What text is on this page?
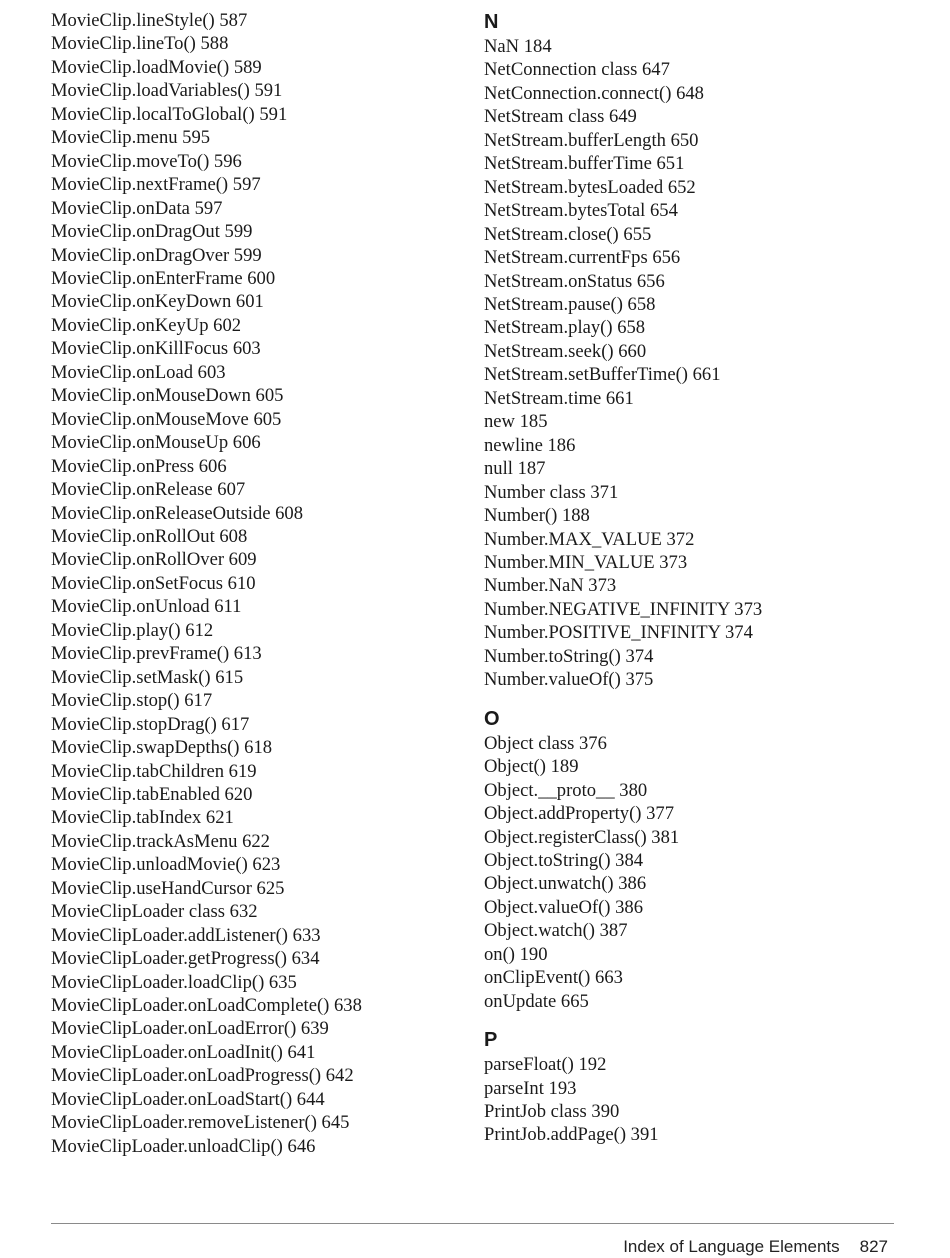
MovieClip.lineStyle() 587
MovieClip.lineTo() 588
MovieClip.loadMovie() 589
MovieClip.loadVariables() 591
MovieClip.localToGlobal() 591
MovieClip.menu 595
MovieClip.moveTo() 596
MovieClip.nextFrame() 597
MovieClip.onData 597
MovieClip.onDragOut 599
MovieClip.onDragOver 599
MovieClip.onEnterFrame 600
MovieClip.onKeyDown 601
MovieClip.onKeyUp 602
MovieClip.onKillFocus 603
MovieClip.onLoad 603
MovieClip.onMouseDown 605
MovieClip.onMouseMove 605
MovieClip.onMouseUp 606
MovieClip.onPress 606
MovieClip.onRelease 607
MovieClip.onReleaseOutside 608
MovieClip.onRollOut 608
MovieClip.onRollOver 609
MovieClip.onSetFocus 610
MovieClip.onUnload 611
MovieClip.play() 612
MovieClip.prevFrame() 613
MovieClip.setMask() 615
MovieClip.stop() 617
MovieClip.stopDrag() 617
MovieClip.swapDepths() 618
MovieClip.tabChildren 619
MovieClip.tabEnabled 620
MovieClip.tabIndex 621
MovieClip.trackAsMenu 622
MovieClip.unloadMovie() 623
MovieClip.useHandCursor 625
MovieClipLoader class 632
MovieClipLoader.addListener() 633
MovieClipLoader.getProgress() 634
MovieClipLoader.loadClip() 635
MovieClipLoader.onLoadComplete() 638
MovieClipLoader.onLoadError() 639
MovieClipLoader.onLoadInit() 641
MovieClipLoader.onLoadProgress() 642
MovieClipLoader.onLoadStart() 644
MovieClipLoader.removeListener() 645
MovieClipLoader.unloadClip() 646
N
NaN 184
NetConnection class 647
NetConnection.connect() 648
NetStream class 649
NetStream.bufferLength 650
NetStream.bufferTime 651
NetStream.bytesLoaded 652
NetStream.bytesTotal 654
NetStream.close() 655
NetStream.currentFps 656
NetStream.onStatus 656
NetStream.pause() 658
NetStream.play() 658
NetStream.seek() 660
NetStream.setBufferTime() 661
NetStream.time 661
new 185
newline 186
null 187
Number class 371
Number() 188
Number.MAX_VALUE 372
Number.MIN_VALUE 373
Number.NaN 373
Number.NEGATIVE_INFINITY 373
Number.POSITIVE_INFINITY 374
Number.toString() 374
Number.valueOf() 375
O
Object class 376
Object() 189
Object.__proto__ 380
Object.addProperty() 377
Object.registerClass() 381
Object.toString() 384
Object.unwatch() 386
Object.valueOf() 386
Object.watch() 387
on() 190
onClipEvent() 663
onUpdate 665
P
parseFloat() 192
parseInt 193
PrintJob class 390
PrintJob.addPage() 391
Index of Language Elements 827
